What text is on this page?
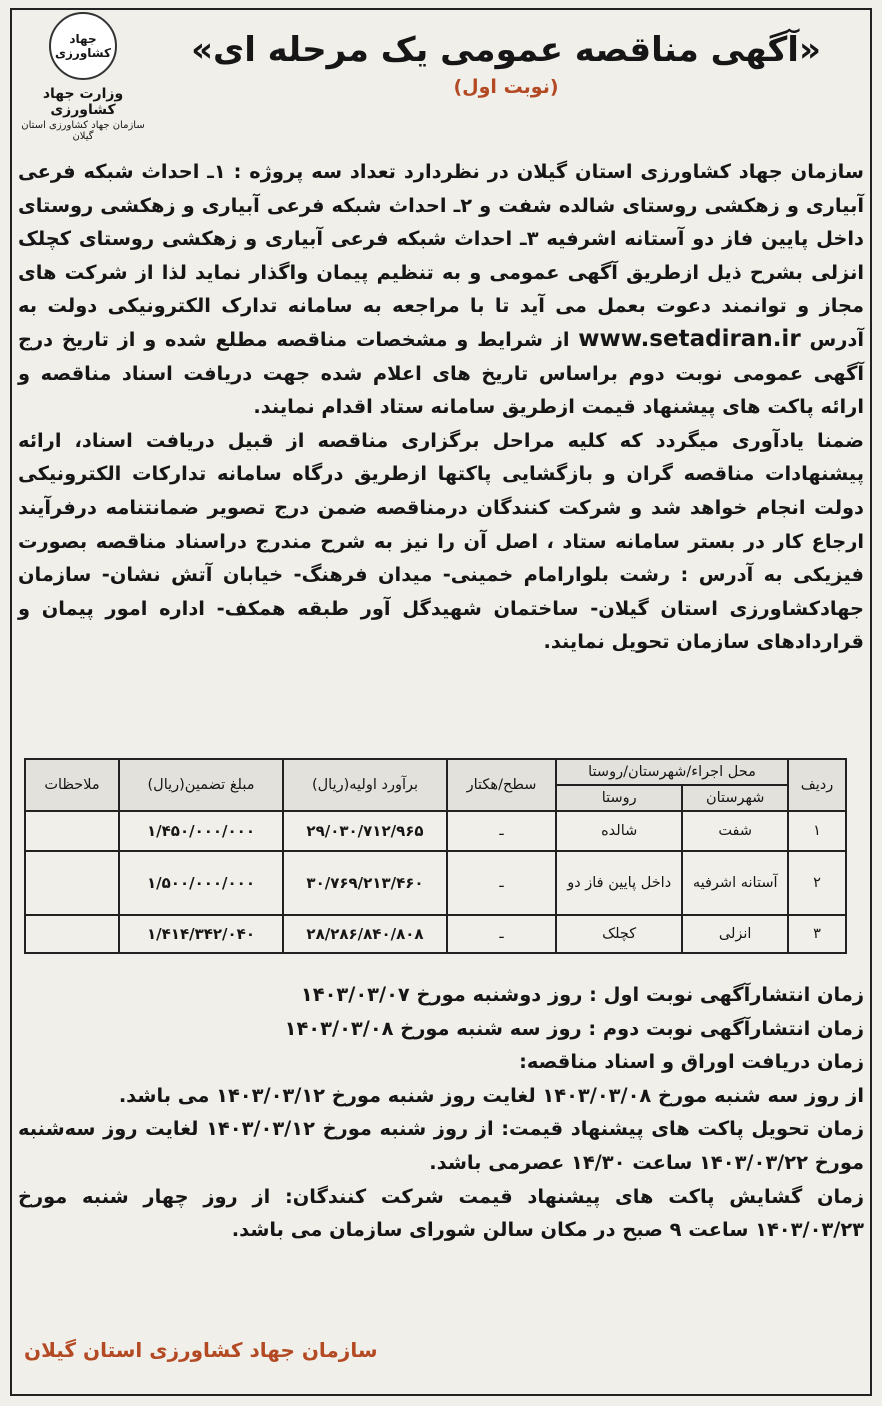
جهاد کشاورزی
وزارت جهاد کشاورزی
سازمان جهاد کشاورزی استان گیلان
«آگهی مناقصه عمومی یک مرحله ای»
(نوبت اول)
سازمان جهاد کشاورزی استان گیلان در نظردارد تعداد سه پروژه : ۱ـ احداث شبکه فرعی آبیاری و زهکشی روستای شالده شفت و ۲ـ احداث شبکه فرعی آبیاری و زهکشی روستای داخل پایین فاز دو آستانه اشرفیه ۳ـ احداث شبکه فرعی آبیاری و زهکشی روستای کچلک انزلی بشرح ذیل ازطریق آگهی عمومی و به تنظیم پیمان واگذار نماید لذا از شرکت های مجاز و توانمند دعوت بعمل می آید تا با مراجعه به سامانه تدارک الکترونیکی دولت به آدرس www.setadiran.ir از شرایط و مشخصات مناقصه مطلع شده و از تاریخ درج آگهی عمومی نوبت دوم براساس تاریخ های اعلام شده جهت دریافت اسناد مناقصه و ارائه پاکت های پیشنهاد قیمت ازطریق سامانه ستاد اقدام نمایند.
ضمنا یادآوری میگردد که کلیه مراحل برگزاری مناقصه از قبیل دریافت اسناد، ارائه پیشنهادات مناقصه گران و بازگشایی پاکتها ازطریق درگاه سامانه تدارکات الکترونیکی دولت انجام خواهد شد و شرکت کنندگان درمناقصه ضمن درج تصویر ضمانتنامه درفرآیند ارجاع کار در بستر سامانه ستاد ، اصل آن را نیز به شرح مندرج دراسناد مناقصه بصورت فیزیکی به آدرس : رشت بلوارامام خمینی- میدان فرهنگ- خیابان آتش نشان- سازمان جهادکشاورزی استان گیلان- ساختمان شهیدگل آور طبقه همکف- اداره امور پیمان و قراردادهای سازمان تحویل نمایند.
ردیف	محل اجراء/شهرستان/روستا		سطح/هکتار	برآورد اولیه(ریال)	مبلغ تضمین(ریال)	ملاحظات
	شهرستان	روستا				
۱	شفت	شالده	ـ	۲۹/۰۳۰/۷۱۲/۹۶۵	۱/۴۵۰/۰۰۰/۰۰۰	
۲	آستانه اشرفیه	داخل پایین فاز دو	ـ	۳۰/۷۶۹/۲۱۳/۴۶۰	۱/۵۰۰/۰۰۰/۰۰۰	
۳	انزلی	کچلک	ـ	۲۸/۲۸۶/۸۴۰/۸۰۸	۱/۴۱۴/۳۴۲/۰۴۰	
زمان انتشارآگهی نوبت اول : روز دوشنبه مورخ ۱۴۰۳/۰۳/۰۷
زمان انتشارآگهی نوبت دوم : روز سه شنبه مورخ ۱۴۰۳/۰۳/۰۸
زمان دریافت اوراق و اسناد مناقصه:
از روز سه شنبه مورخ ۱۴۰۳/۰۳/۰۸ لغایت روز شنبه مورخ ۱۴۰۳/۰۳/۱۲ می باشد.
زمان تحویل پاکت های پیشنهاد قیمت: از روز شنبه مورخ ۱۴۰۳/۰۳/۱۲ لغایت روز سه‌شنبه مورخ ۱۴۰۳/۰۳/۲۲ ساعت ۱۴/۳۰ عصرمی باشد.
زمان گشایش پاکت های پیشنهاد قیمت شرکت کنندگان: از روز چهار شنبه مورخ ۱۴۰۳/۰۳/۲۳ ساعت ۹ صبح در مکان سالن شورای سازمان می باشد.
سازمان جهاد کشاورزی استان گیلان
